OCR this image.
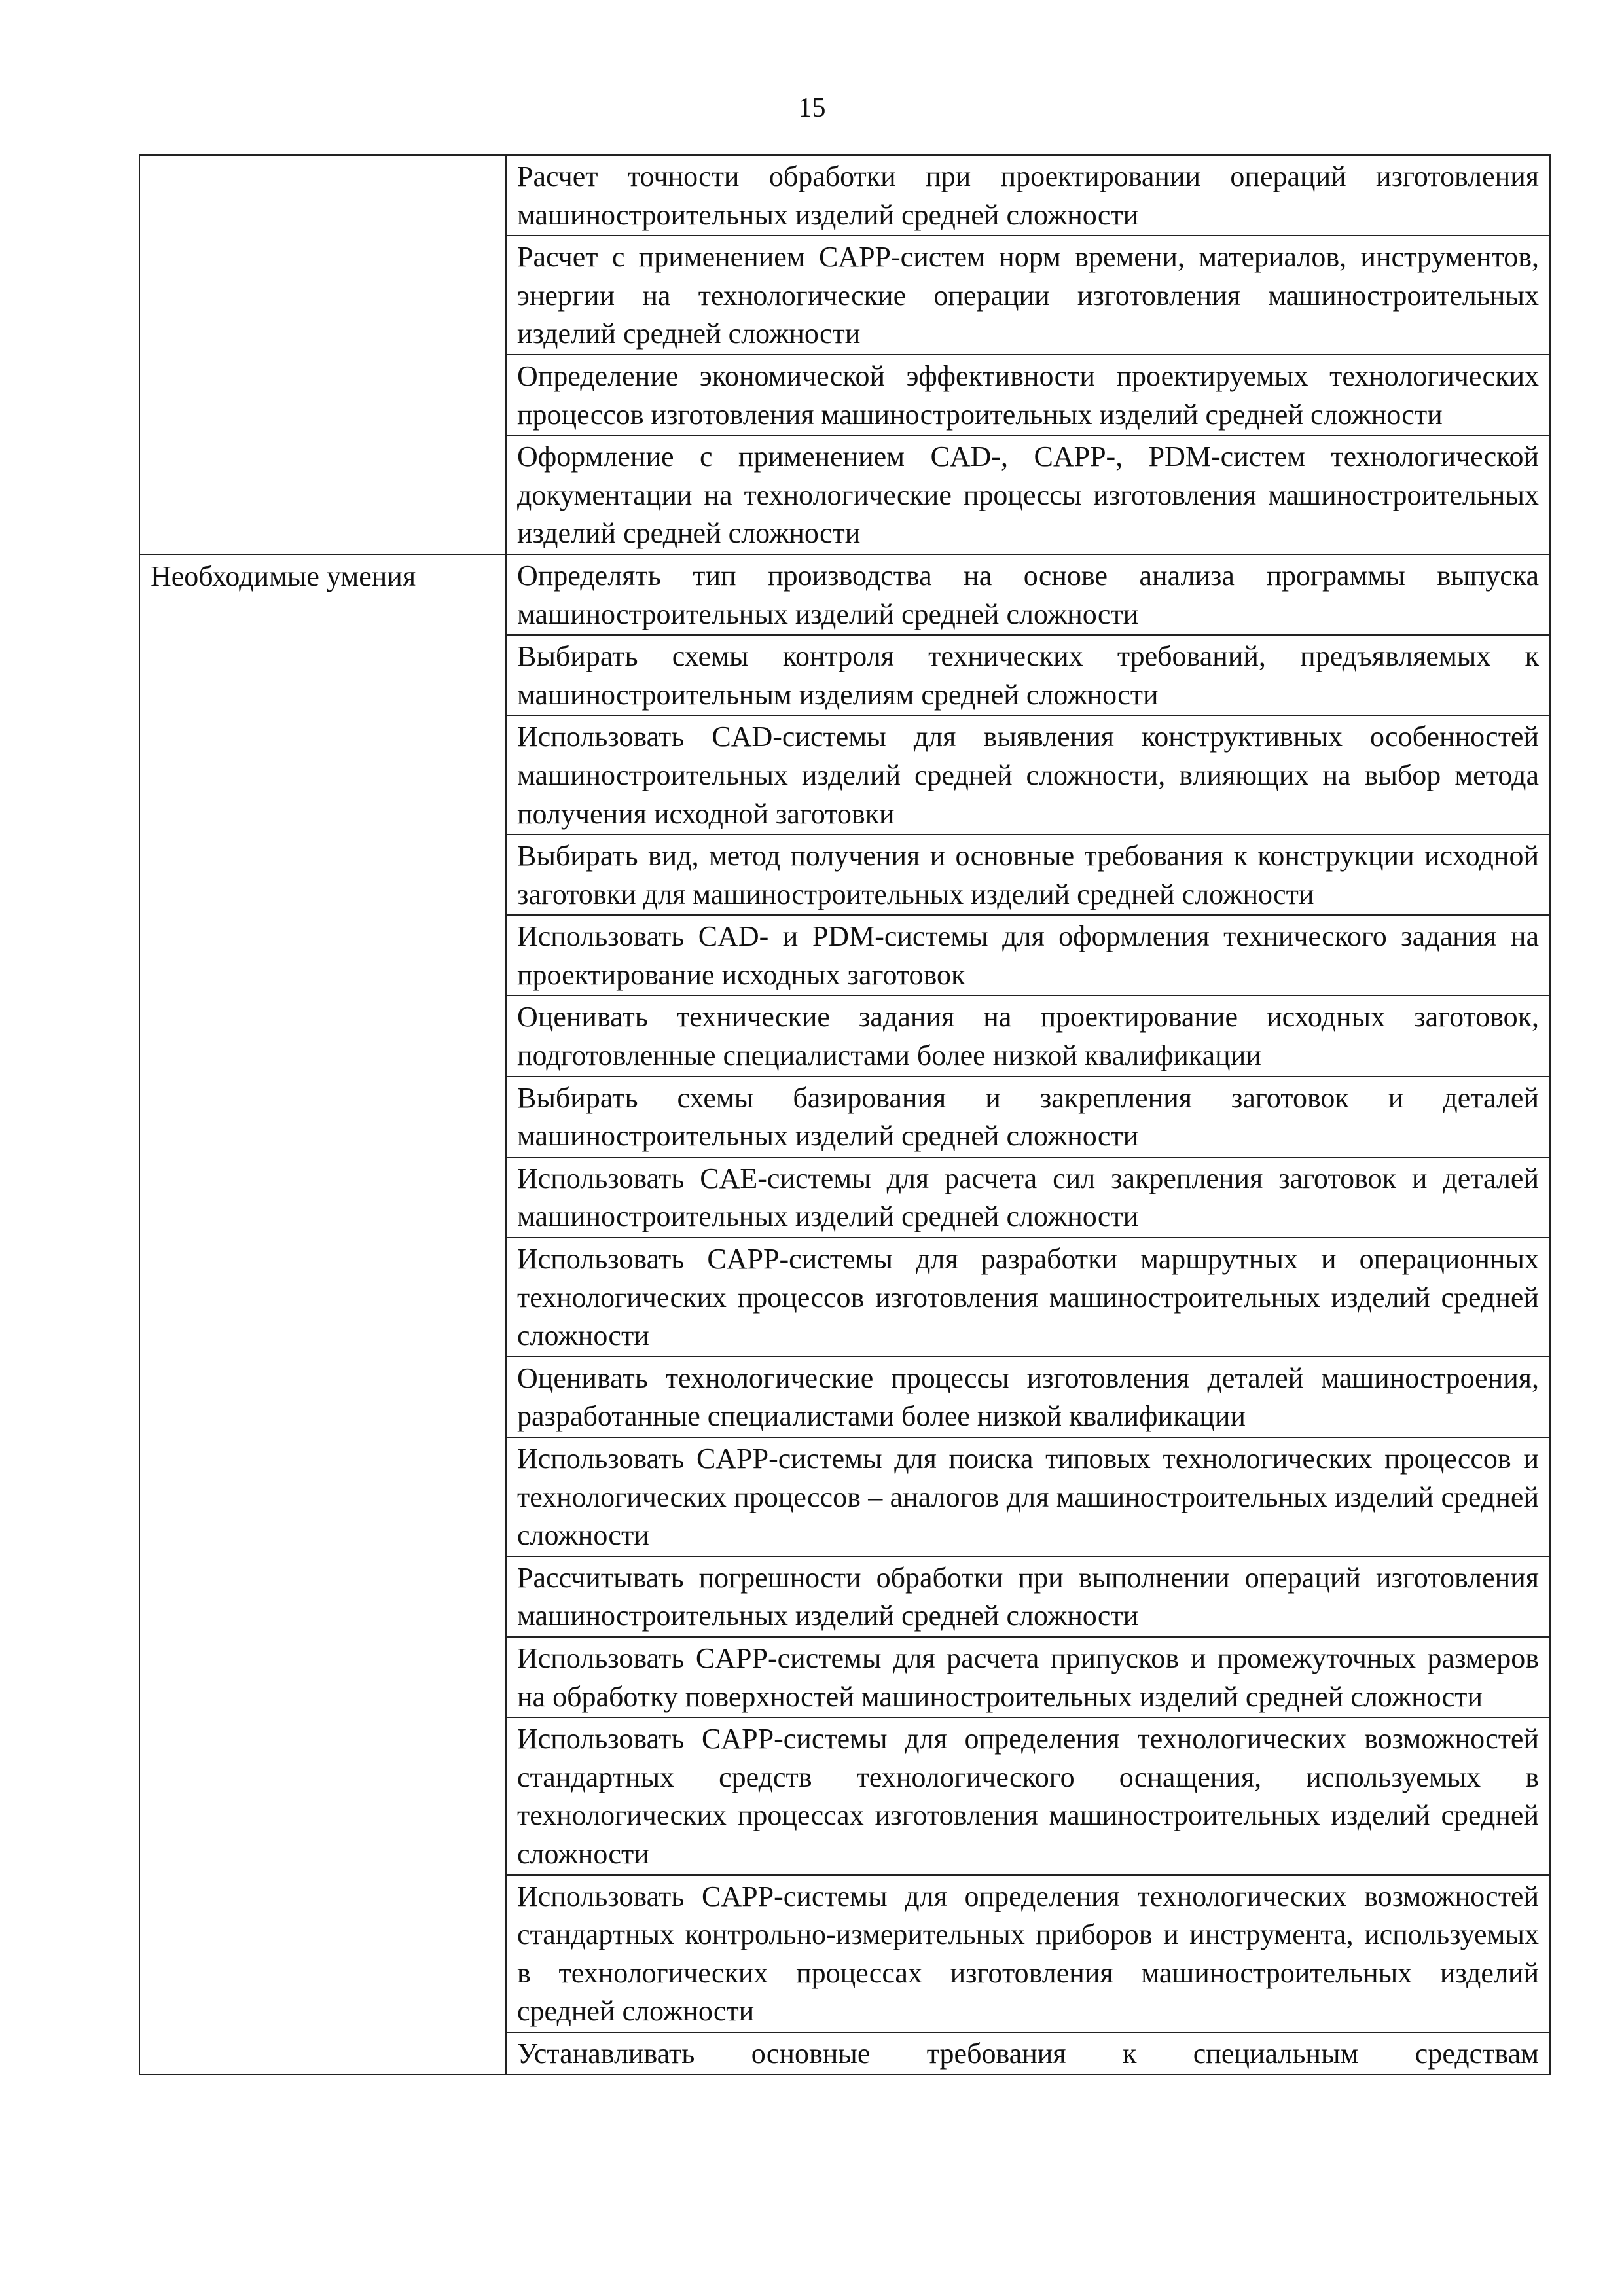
15
	Расчет точности обработки при проектировании операций изготовления машиностроительных изделий средней сложности
	Расчет с применением CAPP-систем норм времени, материалов, инструментов, энергии на технологические операции изготовления машиностроительных изделий средней сложности
	Определение экономической эффективности проектируемых технологических процессов изготовления машиностроительных изделий средней сложности
	Оформление с применением CAD-, CAPP-, PDM-систем технологической документации на технологические процессы изготовления машиностроительных изделий средней сложности
Необходимые умения	Определять тип производства на основе анализа программы выпуска машиностроительных изделий средней сложности
	Выбирать схемы контроля технических требований, предъявляемых к машиностроительным изделиям средней сложности
	Использовать CAD-системы для выявления конструктивных особенностей машиностроительных изделий средней сложности, влияющих на выбор метода получения исходной заготовки
	Выбирать вид, метод получения и основные требования к конструкции исходной заготовки для машиностроительных изделий средней сложности
	Использовать CAD- и PDM-системы для оформления технического задания на проектирование исходных заготовок
	Оценивать технические задания на проектирование исходных заготовок, подготовленные специалистами более низкой квалификации
	Выбирать схемы базирования и закрепления заготовок и деталей машиностроительных изделий средней сложности
	Использовать CAE-системы для расчета сил закрепления заготовок и деталей машиностроительных изделий средней сложности
	Использовать CAPP-системы для разработки маршрутных и операционных технологических процессов изготовления машиностроительных изделий средней сложности
	Оценивать технологические процессы изготовления деталей машиностроения, разработанные специалистами более низкой квалификации
	Использовать CAPP-системы для поиска типовых технологических процессов и технологических процессов – аналогов для машиностроительных изделий средней сложности
	Рассчитывать погрешности обработки при выполнении операций изготовления машиностроительных изделий средней сложности
	Использовать CAPP-системы для расчета припусков и промежуточных размеров на обработку поверхностей машиностроительных изделий средней сложности
	Использовать CAPP-системы для определения технологических возможностей стандартных средств технологического оснащения, используемых в технологических процессах изготовления машиностроительных изделий средней сложности
	Использовать CAPP-системы для определения технологических возможностей стандартных контрольно-измерительных приборов и инструмента, используемых в технологических процессах изготовления машиностроительных изделий средней сложности
	Устанавливать основные требования к специальным средствам
